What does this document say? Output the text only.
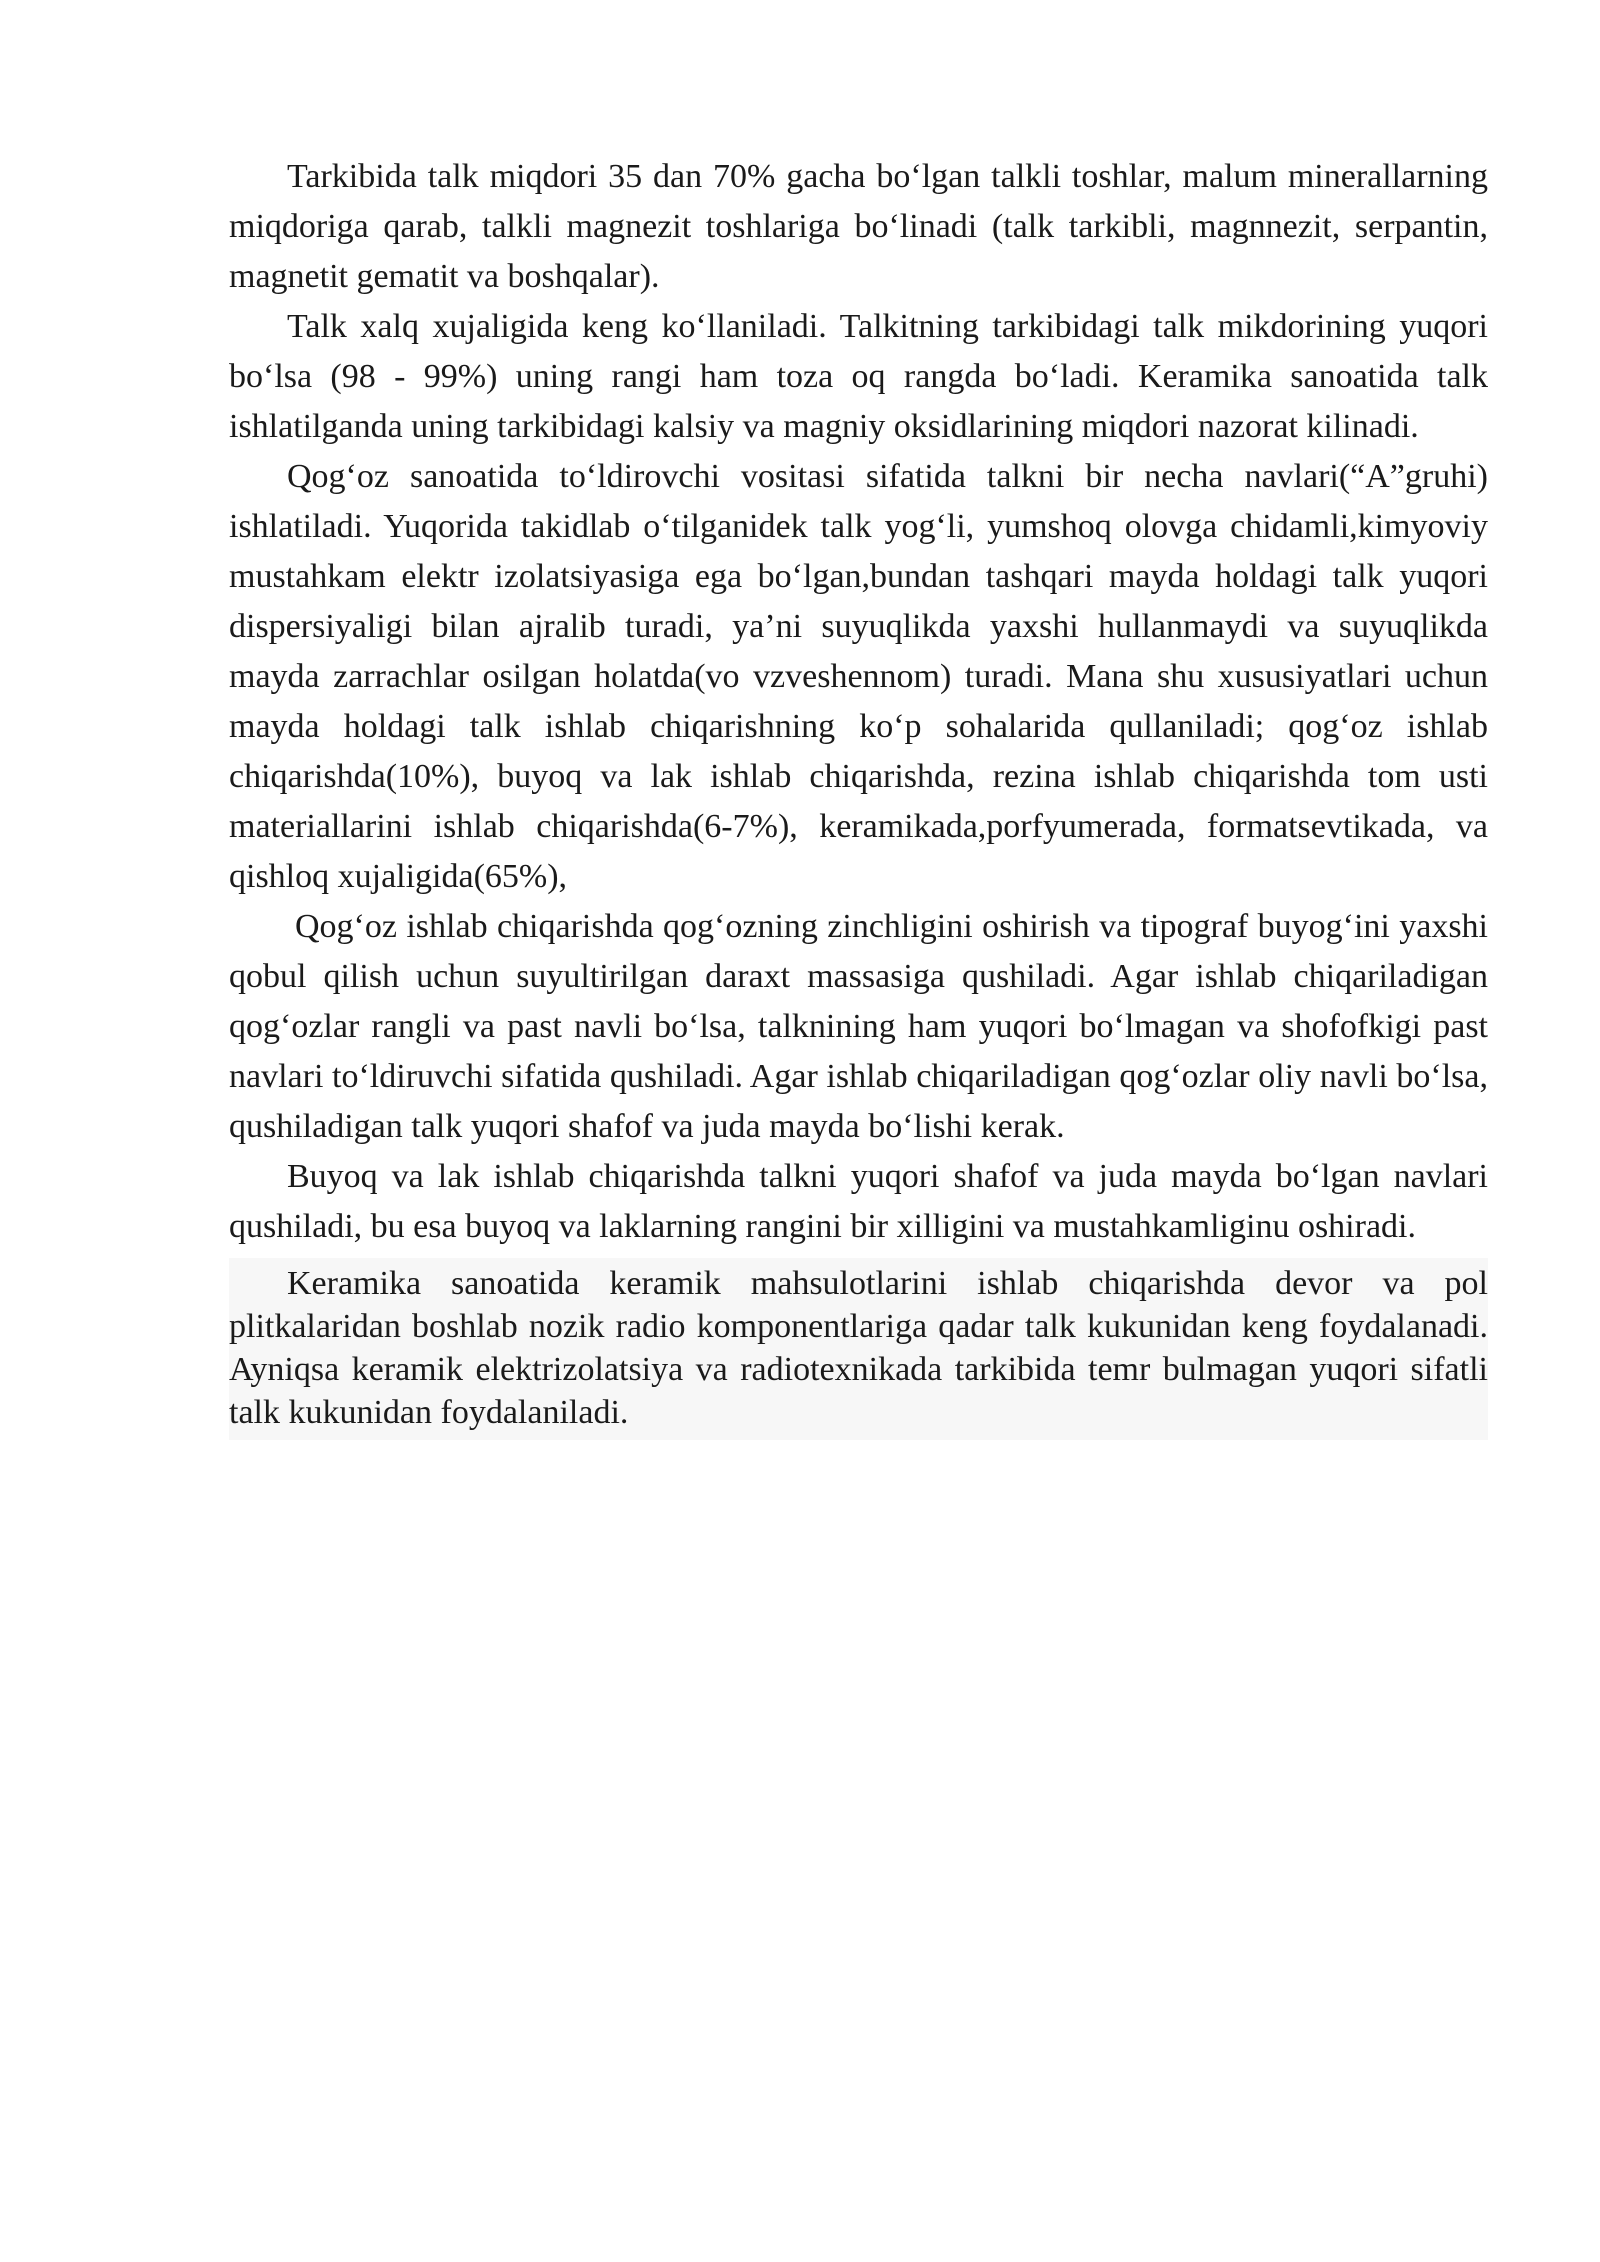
Tarkibida talk miqdori 35 dan 70% gacha bo‘lgan talkli toshlar, malum minerallarning miqdoriga qarab, talkli magnezit toshlariga bo‘linadi (talk tarkibli, magnnezit, serpantin, magnetit gematit va boshqalar).

Talk xalq xujaligida keng ko‘llaniladi. Talkitning tarkibidagi talk mikdorining yuqori bo‘lsa (98 - 99%) uning rangi ham toza oq rangda bo‘ladi. Keramika sanoatida talk ishlatilganda uning tarkibidagi kalsiy va magniy oksidlarining miqdori nazorat kilinadi.

Qog‘oz sanoatida to‘ldirovchi vositasi sifatida talkni bir necha navlari(“A”gruhi) ishlatiladi. Yuqorida takidlab o‘tilganidek talk yog‘li, yumshoq olovga chidamli,kimyoviy mustahkam elektr izolatsiyasiga ega bo‘lgan,bundan tashqari mayda holdagi talk yuqori dispersiyaligi bilan ajralib turadi, ya’ni suyuqlikda yaxshi hullanmaydi va suyuqlikda mayda zarrachlar osilgan holatda(vo vzveshennom) turadi. Mana shu xususiyatlari uchun mayda holdagi talk ishlab chiqarishning ko‘p sohalarida qullaniladi; qog‘oz ishlab chiqarishda(10%), buyoq va lak ishlab chiqarishda, rezina ishlab chiqarishda tom usti materiallarini ishlab chiqarishda(6-7%), keramikada,porfyumerada, formatsevtikada, va qishloq xujaligida(65%),

Qog‘oz ishlab chiqarishda qog‘ozning zinchligini oshirish va tipograf buyog‘ini yaxshi qobul qilish uchun suyultirilgan daraxt massasiga qushiladi. Agar ishlab chiqariladigan qog‘ozlar rangli va past navli bo‘lsa, talknining ham yuqori bo‘lmagan va shofofkigi past navlari to‘ldiruvchi sifatida qushiladi. Agar ishlab chiqariladigan qog‘ozlar oliy navli bo‘lsa, qushiladigan talk yuqori shafof va juda mayda bo‘lishi kerak.

Buyoq va lak ishlab chiqarishda talkni yuqori shafof va juda mayda bo‘lgan navlari qushiladi, bu esa buyoq va laklarning rangini bir xilligini va mustahkamliginu oshiradi.

Keramika sanoatida keramik mahsulotlarini ishlab chiqarishda devor va pol plitkalaridan boshlab nozik radio komponentlariga qadar talk kukunidan keng foydalanadi. Ayniqsa keramik elektrizolatsiya va radiotexnikada tarkibida temr bulmagan yuqori sifatli talk kukunidan foydalaniladi.
